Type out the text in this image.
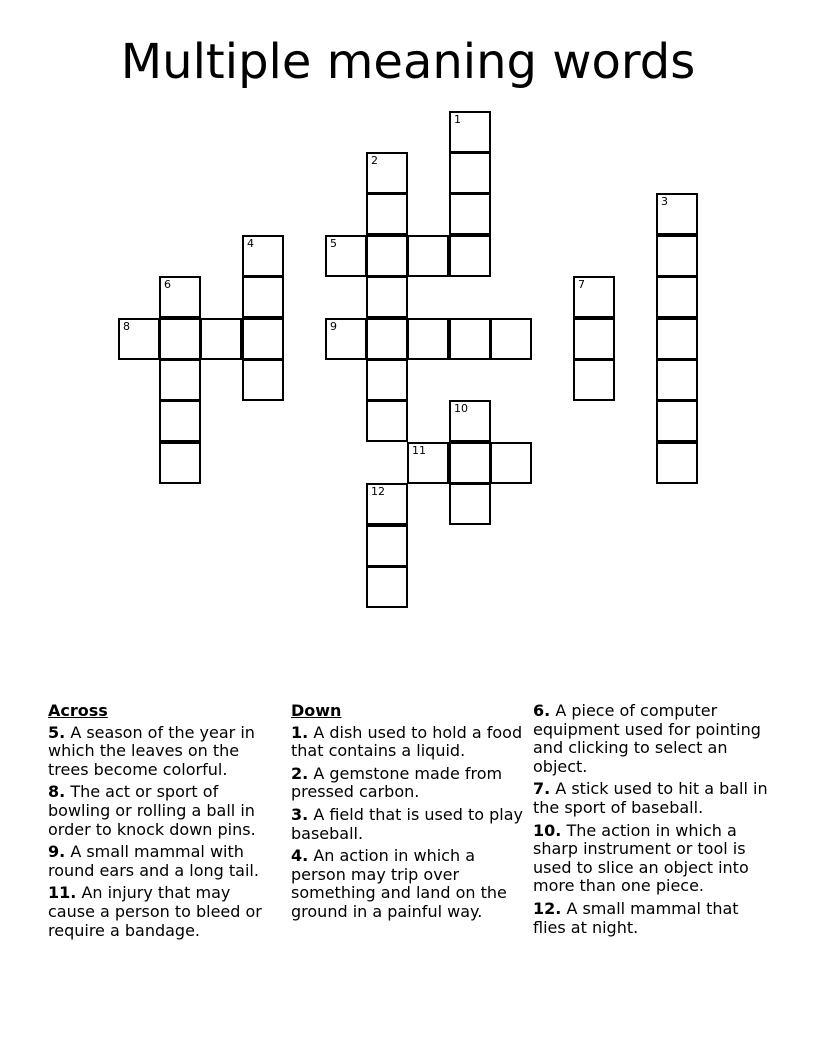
Multiple meaning words
1
2
3
4	5
6	7
8	9
10
11
12
Across
5. A season of the year in which the leaves on the trees become colorful.
8. The act or sport of bowling or rolling a ball in order to knock down pins.
9. A small mammal with round ears and a long tail.
11. An injury that may cause a person to bleed or require a bandage.
Down
1. A dish used to hold a food that contains a liquid.
2. A gemstone made from pressed carbon.
3. A field that is used to play baseball.
4. An action in which a person may trip over something and land on the ground in a painful way.
6. A piece of computer equipment used for pointing and clicking to select an object.
7. A stick used to hit a ball in the sport of baseball.
10. The action in which a sharp instrument or tool is used to slice an object into more than one piece.
12. A small mammal that flies at night.
